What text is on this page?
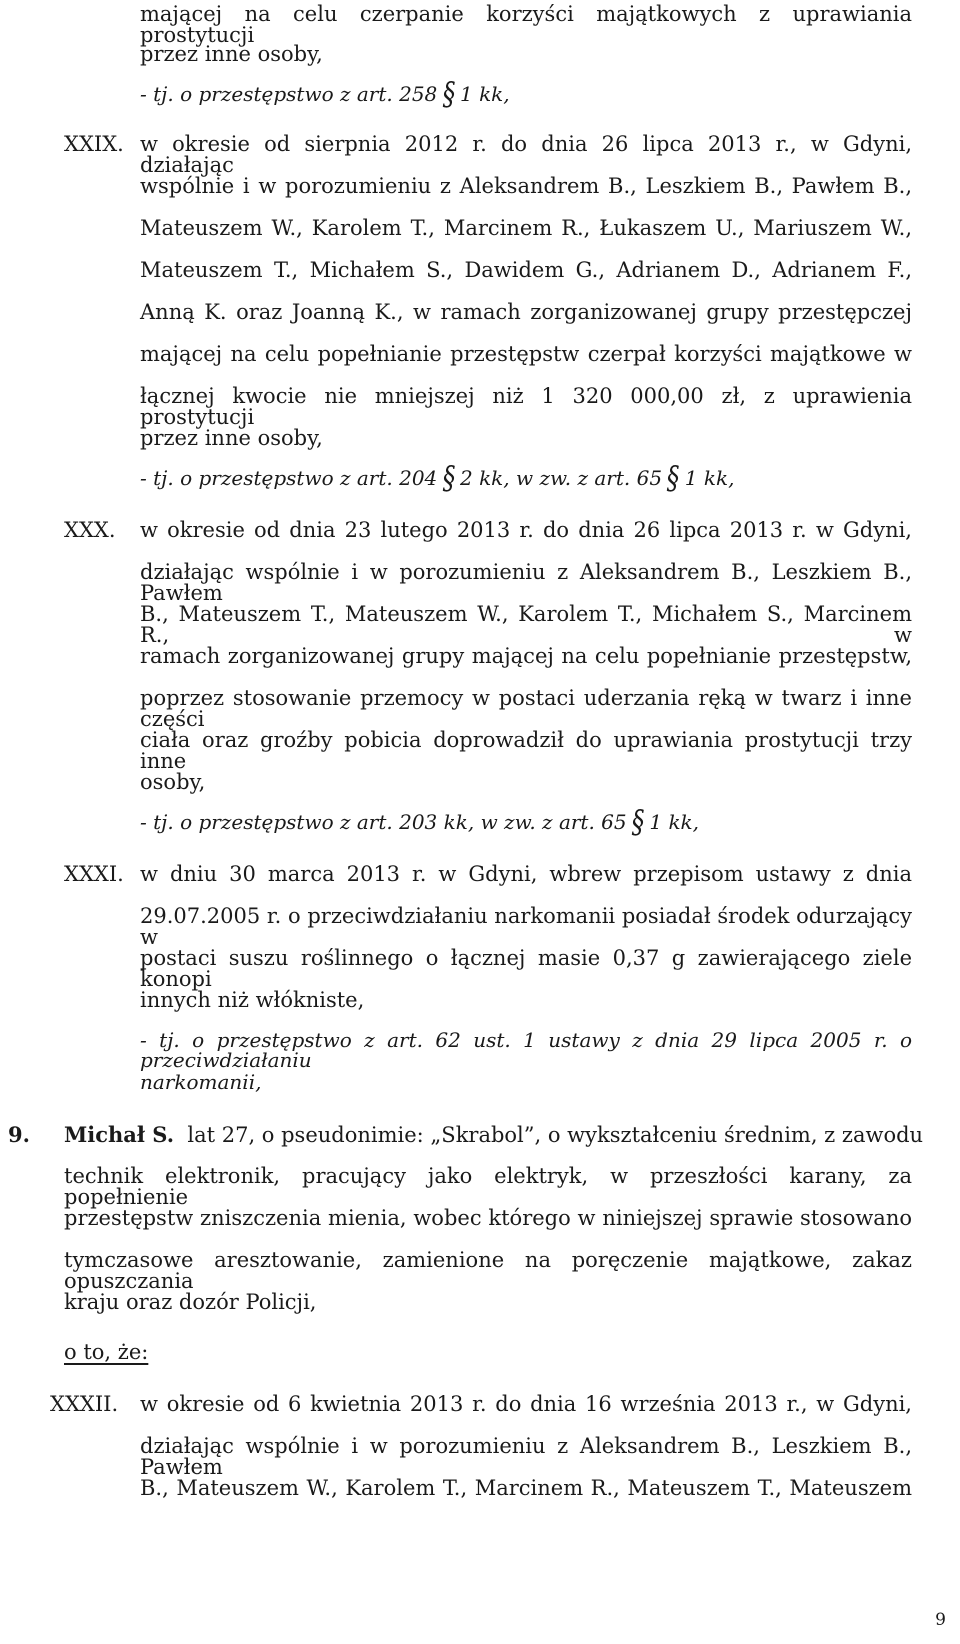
mającej na celu czerpanie korzyści majątkowych z uprawiania prostytucji
przez inne osoby,
- tj. o przestępstwo z art. 258 § 1 kk,
XXIX. w okresie od sierpnia 2012 r. do dnia 26 lipca 2013 r., w Gdyni, działając
wspólnie i w porozumieniu z Aleksandrem B., Leszkiem B., Pawłem B.,
Mateuszem W., Karolem T., Marcinem R., Łukaszem U., Mariuszem W.,
Mateuszem T., Michałem S., Dawidem G., Adrianem D., Adrianem F.,
Anną K. oraz Joanną K., w ramach zorganizowanej grupy przestępczej
mającej na celu popełnianie przestępstw czerpał korzyści majątkowe w
łącznej kwocie nie mniejszej niż 1 320 000,00 zł, z uprawienia prostytucji
przez inne osoby,
- tj. o przestępstwo z art. 204 § 2 kk, w zw. z art. 65 § 1 kk,
XXX. w okresie od dnia 23 lutego 2013 r. do dnia 26 lipca 2013 r. w Gdyni,
działając wspólnie i w porozumieniu z Aleksandrem B., Leszkiem B., Pawłem
B., Mateuszem T., Mateuszem W., Karolem T., Michałem S., Marcinem R., w
ramach zorganizowanej grupy mającej na celu popełnianie przestępstw,
poprzez stosowanie przemocy w postaci uderzania ręką w twarz i inne części
ciała oraz groźby pobicia doprowadził do uprawiania prostytucji trzy inne
osoby,
- tj. o przestępstwo z art. 203 kk, w zw. z art. 65 § 1 kk,
XXXI. w dniu 30 marca 2013 r. w Gdyni, wbrew przepisom ustawy z dnia
29.07.2005 r. o przeciwdziałaniu narkomanii posiadał środek odurzający w
postaci suszu roślinnego o łącznej masie 0,37 g zawierającego ziele konopi
innych niż włókniste,
- tj. o przestępstwo z art. 62 ust. 1 ustawy z dnia 29 lipca 2005 r. o przeciwdziałaniu
narkomanii,
9. Michał S. lat 27, o pseudonimie: „Skrabol”, o wykształceniu średnim, z zawodu
technik elektronik, pracujący jako elektryk, w przeszłości karany, za popełnienie
przestępstw zniszczenia mienia, wobec którego w niniejszej sprawie stosowano
tymczasowe aresztowanie, zamienione na poręczenie majątkowe, zakaz opuszczania
kraju oraz dozór Policji,
o to, że:
XXXII. w okresie od 6 kwietnia 2013 r. do dnia 16 września 2013 r., w Gdyni,
działając wspólnie i w porozumieniu z Aleksandrem B., Leszkiem B., Pawłem
B., Mateuszem W., Karolem T., Marcinem R., Mateuszem T., Mateuszem
9
